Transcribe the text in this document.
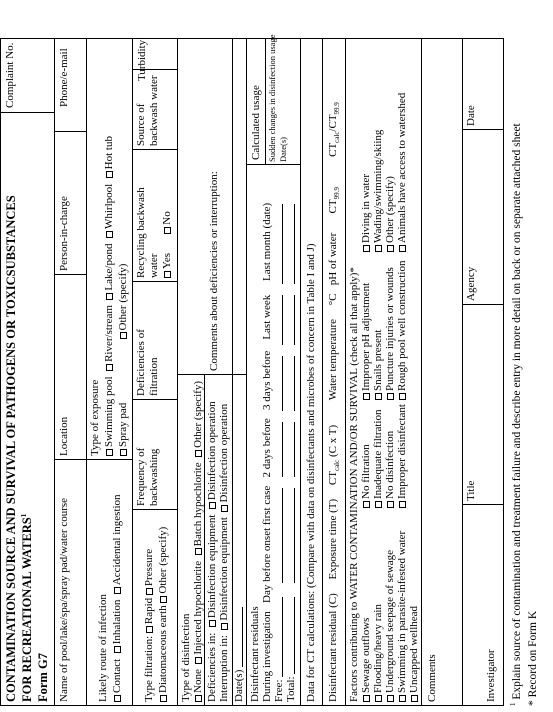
CONTAMINATION SOURCE AND SURVIVAL OF PATHOGENS OR TOXICSUBSTANCES FOR RECREATIONAL WATERS$^1$
Form G7
Complaint No.
Name of pool/lake/spa/spray pad/water course
Location
Person-in-charge
Phone/e-mail
Likely route of infection Contact  Inhalation  Accidental ingestion
Type of exposure Swimming pool  River/stream  Lake/pond  Whirlpool  Hot tub
Spray pad                       Other (specify)
Type filtration: Rapid Pressure
Diatomaceous earth Other (specify)
Frequency of backwashing
Deficiencies of filtration
Recycling backwash water Yes       No
Source of backwash water
Turbidity
Type of disinfection None  Injected hypochlorite  Batch hypochlorite  Other (specify)
Deficiencies in:  Disinfection equipment  Disinfection operation
Interruption in:  Disinfection equipment  Disinfection operation
Comments about deficiencies or interruption:
Date(s) Disinfectant residuals During investigation   Day before onset first case   2 days before   3 days before    Last week     Last month (date)
Free: Total:
Calculated usage Sudden changes in disinfection usage Date(s)
Data for CT calculations: (Compare with data on disinfectants and microbes of concern in Table I and J) Disinfectant residual (C)     Exposure time (T)     $CT_{calc}$ (C x T)         Water temperature     °C   pH of water       $CT_{99.9}$           $CT_{calc}/CT_{99.9}$
Factors contributing to WATER CONTAMINATION AND/OR SURVIVAL (check all that apply)* Sewage outflows Flooding/heavy rain Underground seepage of sewage Swimming in parasite-infested water Uncapped wellhead
No filtration Inadequate filtration No disinfection Improper disinfectant
Improper pH adjustment Snails present Puncture injuries or wounds Rough pool well construction
Diving in water Wading/swimming/skiing Other (specify) Animals have access to watershed
Comments	Investigator
Title
Agency
Date
$^1$ Explain source of contamination and treatment failure and describe entry in more detail on back or on separate attached sheet * Record on Form K
